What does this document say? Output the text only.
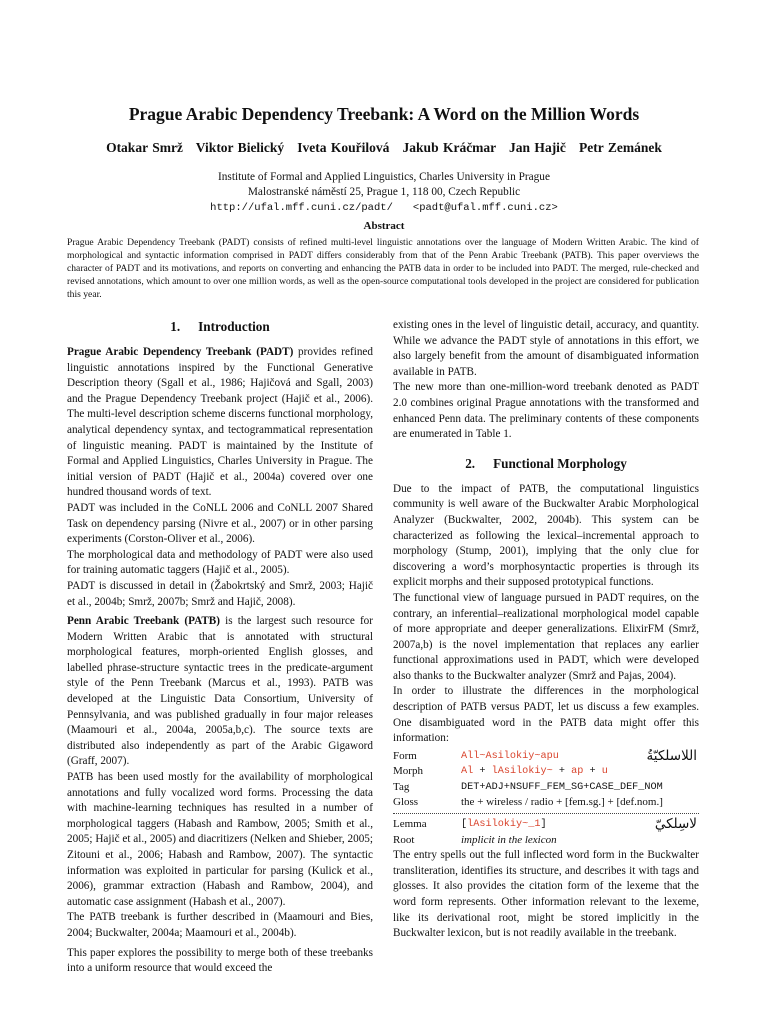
Prague Arabic Dependency Treebank: A Word on the Million Words
Otakar Smrž   Viktor Bielický   Iveta Kouřilová   Jakub Kráčmar   Jan Hajič   Petr Zemánek
Institute of Formal and Applied Linguistics, Charles University in Prague
Malostranské náměstí 25, Prague 1, 118 00, Czech Republic
http://ufal.mff.cuni.cz/padt/ <padt@ufal.mff.cuni.cz>
Abstract
Prague Arabic Dependency Treebank (PADT) consists of refined multi-level linguistic annotations over the language of Modern Written Arabic. The kind of morphological and syntactic information comprised in PADT differs considerably from that of the Penn Arabic Treebank (PATB). This paper overviews the character of PADT and its motivations, and reports on converting and enhancing the PATB data in order to be included into PADT. The merged, rule-checked and revised annotations, which amount to over one million words, as well as the open-source computational tools developed in the project are considered for publication this year.
1. Introduction

Prague Arabic Dependency Treebank (PADT) provides refined linguistic annotations inspired by the Functional Generative Description theory (Sgall et al., 1986; Hajičová and Sgall, 2003) and the Prague Dependency Treebank project (Hajič et al., 2006). The multi-level description scheme discerns functional morphology, analytical dependency syntax, and tectogrammatical representation of linguistic meaning. PADT is maintained by the Institute of Formal and Applied Linguistics, Charles University in Prague. The initial version of PADT (Hajič et al., 2004a) covered over one hundred thousand words of text.

PADT was included in the CoNLL 2006 and CoNLL 2007 Shared Task on dependency parsing (Nivre et al., 2007) or in other parsing experiments (Corston-Oliver et al., 2006).

The morphological data and methodology of PADT were also used for training automatic taggers (Hajič et al., 2005).

PADT is discussed in detail in (Žabokrtský and Smrž, 2003; Hajič et al., 2004b; Smrž, 2007b; Smrž and Hajič, 2008).

Penn Arabic Treebank (PATB) is the largest such resource for Modern Written Arabic that is annotated with structural morphological features, morph-oriented English glosses, and labelled phrase-structure syntactic trees in the predicate-argument style of the Penn Treebank (Marcus et al., 1993). PATB was developed at the Linguistic Data Consortium, University of Pennsylvania, and was published gradually in four major releases (Maamouri et al., 2004a, 2005a,b,c). The source texts are distributed also independently as part of the Arabic Gigaword (Graff, 2007).

PATB has been used mostly for the availability of morphological annotations and fully vocalized word forms. Processing the data with machine-learning techniques has resulted in a number of morphological taggers (Habash and Rambow, 2005; Smith et al., 2005; Hajič et al., 2005) and diacritizers (Nelken and Shieber, 2005; Zitouni et al., 2006; Habash and Rambow, 2007). The syntactic information was exploited in particular for parsing (Kulick et al., 2006), grammar extraction (Habash and Rambow, 2004), and automatic case assignment (Habash et al., 2007).

The PATB treebank is further described in (Maamouri and Bies, 2004; Buckwalter, 2004a; Maamouri et al., 2004b).

This paper explores the possibility to merge both of these treebanks into a uniform resource that would exceed the

existing ones in the level of linguistic detail, accuracy, and quantity. While we advance the PADT style of annotations in this effort, we also largely benefit from the amount of disambiguated information available in PATB.

The new more than one-million-word treebank denoted as PADT 2.0 combines original Prague annotations with the transformed and enhanced Penn data. The preliminary contents of these components are enumerated in Table 1.

2. Functional Morphology

Due to the impact of PATB, the computational linguistics community is well aware of the Buckwalter Arabic Morphological Analyzer (Buckwalter, 2002, 2004b). This system can be characterized as following the lexical–incremental approach to morphology (Stump, 2001), implying that the only clue for discovering a word’s morphosyntactic properties is through its explicit morphs and their supposed prototypical functions.

The functional view of language pursued in PADT requires, on the contrary, an inferential–realizational morphological model capable of more appropriate and deeper generalizations. ElixirFM (Smrž, 2007a,b) is the novel implementation that replaces any earlier functional approximations used in PADT, which were developed also thanks to the Buckwalter analyzer (Smrž and Pajas, 2004).

In order to illustrate the differences in the morphological description of PATB versus PADT, let us discuss a few examples. One disambiguated word in the PATB data might offer this information:

Form	All~Asilokiy~apu	اللاسلكيّةُ
Morph	Al + lAsilokiy~ + ap + u
Tag	DET+ADJ+NSUFF_FEM_SG+CASE_DEF_NOM
Gloss	the + wireless / radio + [fem.sg.] + [def.nom.]
Lemma	[lAsilokiy~_1]	لاسِلكيّ
Root	implicit in the lexicon

The entry spells out the full inflected word form in the Buckwalter transliteration, identifies its structure, and describes it with tags and glosses. It also provides the citation form of the lexeme that the word form represents. Other information relevant to the lexeme, like its derivational root, might be stored implicitly in the Buckwalter lexicon, but is not readily available in the treebank.
